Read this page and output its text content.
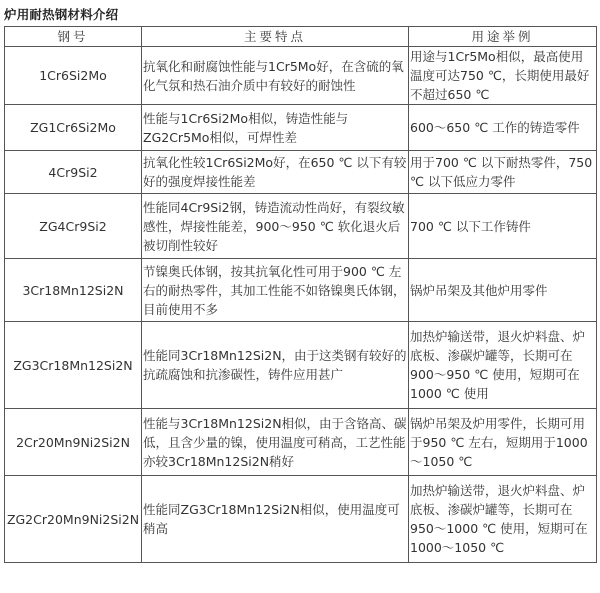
炉用耐热钢材料介绍
钢号	主要特点	用途举例
1Cr6Si2Mo	抗氧化和耐腐蚀性能与1Cr5Mo好，在含硫的氧化气氛和热石油介质中有较好的耐蚀性	用途与1Cr5Mo相似，最高使用温度可达750 ℃，长期使用最好不超过650 ℃
ZG1Cr6Si2Mo	性能与1Cr6Si2Mo相似，铸造性能与ZG2Cr5Mo相似，可焊性差	600～650 ℃ 工作的铸造零件
4Cr9Si2	抗氧化性较1Cr6Si2Mo好，在650 ℃ 以下有较好的强度焊接性能差	用于700 ℃ 以下耐热零件，750 ℃ 以下低应力零件
ZG4Cr9Si2	性能同4Cr9Si2钢，铸造流动性尚好，有裂纹敏感性，焊接性能差，900～950 ℃ 软化退火后被切削性较好	700 ℃ 以下工作铸件
3Cr18Mn12Si2N	节镍奥氏体钢，按其抗氧化性可用于900 ℃ 左右的耐热零件，其加工性能不如铬镍奥氏体钢，目前使用不多	锅炉吊架及其他炉用零件
ZG3Cr18Mn12Si2N	性能同3Cr18Mn12Si2N，由于这类钢有较好的抗疏腐蚀和抗渗碳性，铸件应用甚广	加热炉输送带，退火炉料盘、炉底板、渗碳炉罐等，长期可在900～950 ℃ 使用，短期可在1000 ℃ 使用
2Cr20Mn9Ni2Si2N	性能与3Cr18Mn12Si2N相似，由于含铬高、碳低，且含少量的镍，使用温度可稍高，工艺性能亦较3Cr18Mn12Si2N稍好	锅炉吊架及炉用零件，长期可用于950 ℃ 左右，短期用于1000～1050 ℃
ZG2Cr20Mn9Ni2Si2N	性能同ZG3Cr18Mn12Si2N相似，使用温度可稍高	加热炉输送带，退火炉料盘、炉底板、渗碳炉罐等，长期可在950～1000 ℃ 使用，短期可在1000～1050 ℃
